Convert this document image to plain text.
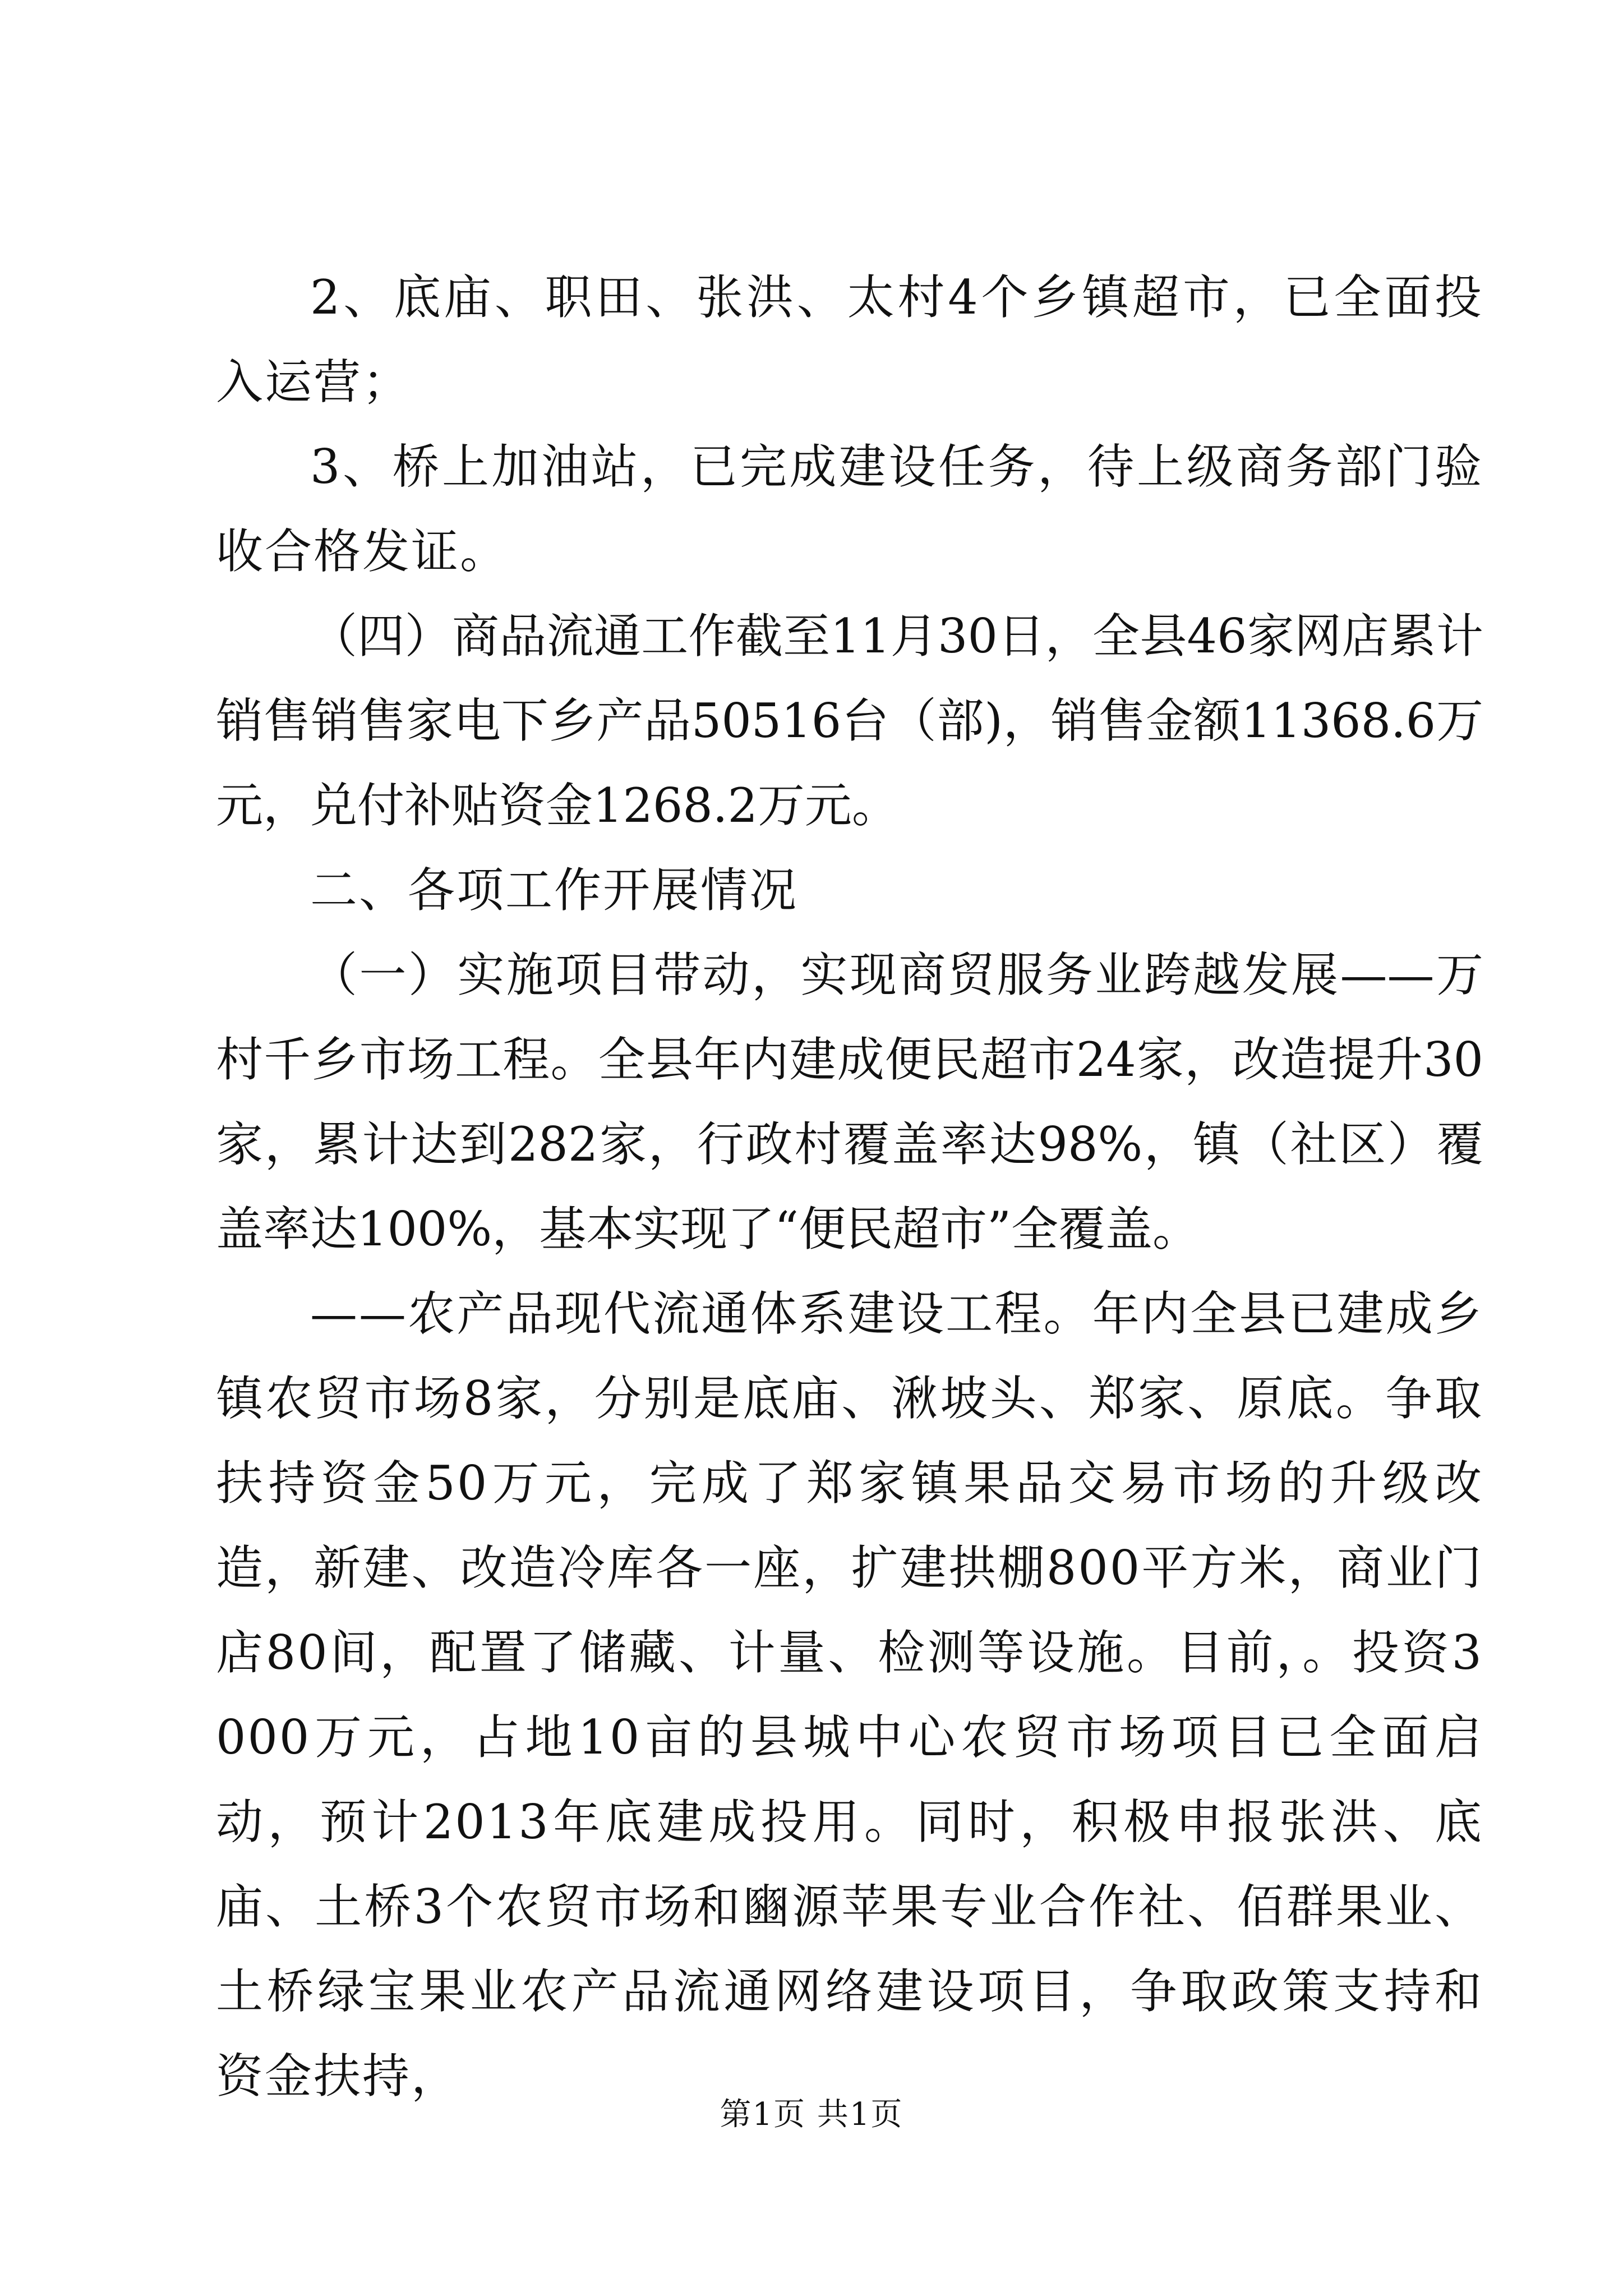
2、底庙、职田、张洪、太村4个乡镇超市，已全面投入运营；

3、桥上加油站，已完成建设任务，待上级商务部门验收合格发证。

（四）商品流通工作截至11月30日，全县46家网店累计销售销售家电下乡产品50516台（部)，销售金额11368.6万元，兑付补贴资金1268.2万元。

二、各项工作开展情况

（一）实施项目带动，实现商贸服务业跨越发展——万村千乡市场工程。全县年内建成便民超市24家，改造提升30家，累计达到282家，行政村覆盖率达98%，镇（社区）覆盖率达100%，基本实现了“便民超市”全覆盖。

——农产品现代流通体系建设工程。年内全县已建成乡镇农贸市场8家，分别是底庙、湫坡头、郑家、原底。争取扶持资金50万元，完成了郑家镇果品交易市场的升级改造，新建、改造冷库各一座，扩建拱棚800平方米，商业门店80间，配置了储藏、计量、检测等设施。目前，。投资3000万元，占地10亩的县城中心农贸市场项目已全面启动，预计2013年底建成投用。同时，积极申报张洪、底庙、土桥3个农贸市场和豳源苹果专业合作社、佰群果业、土桥绿宝果业农产品流通网络建设项目，争取政策支持和资金扶持，

第1页 共1页
